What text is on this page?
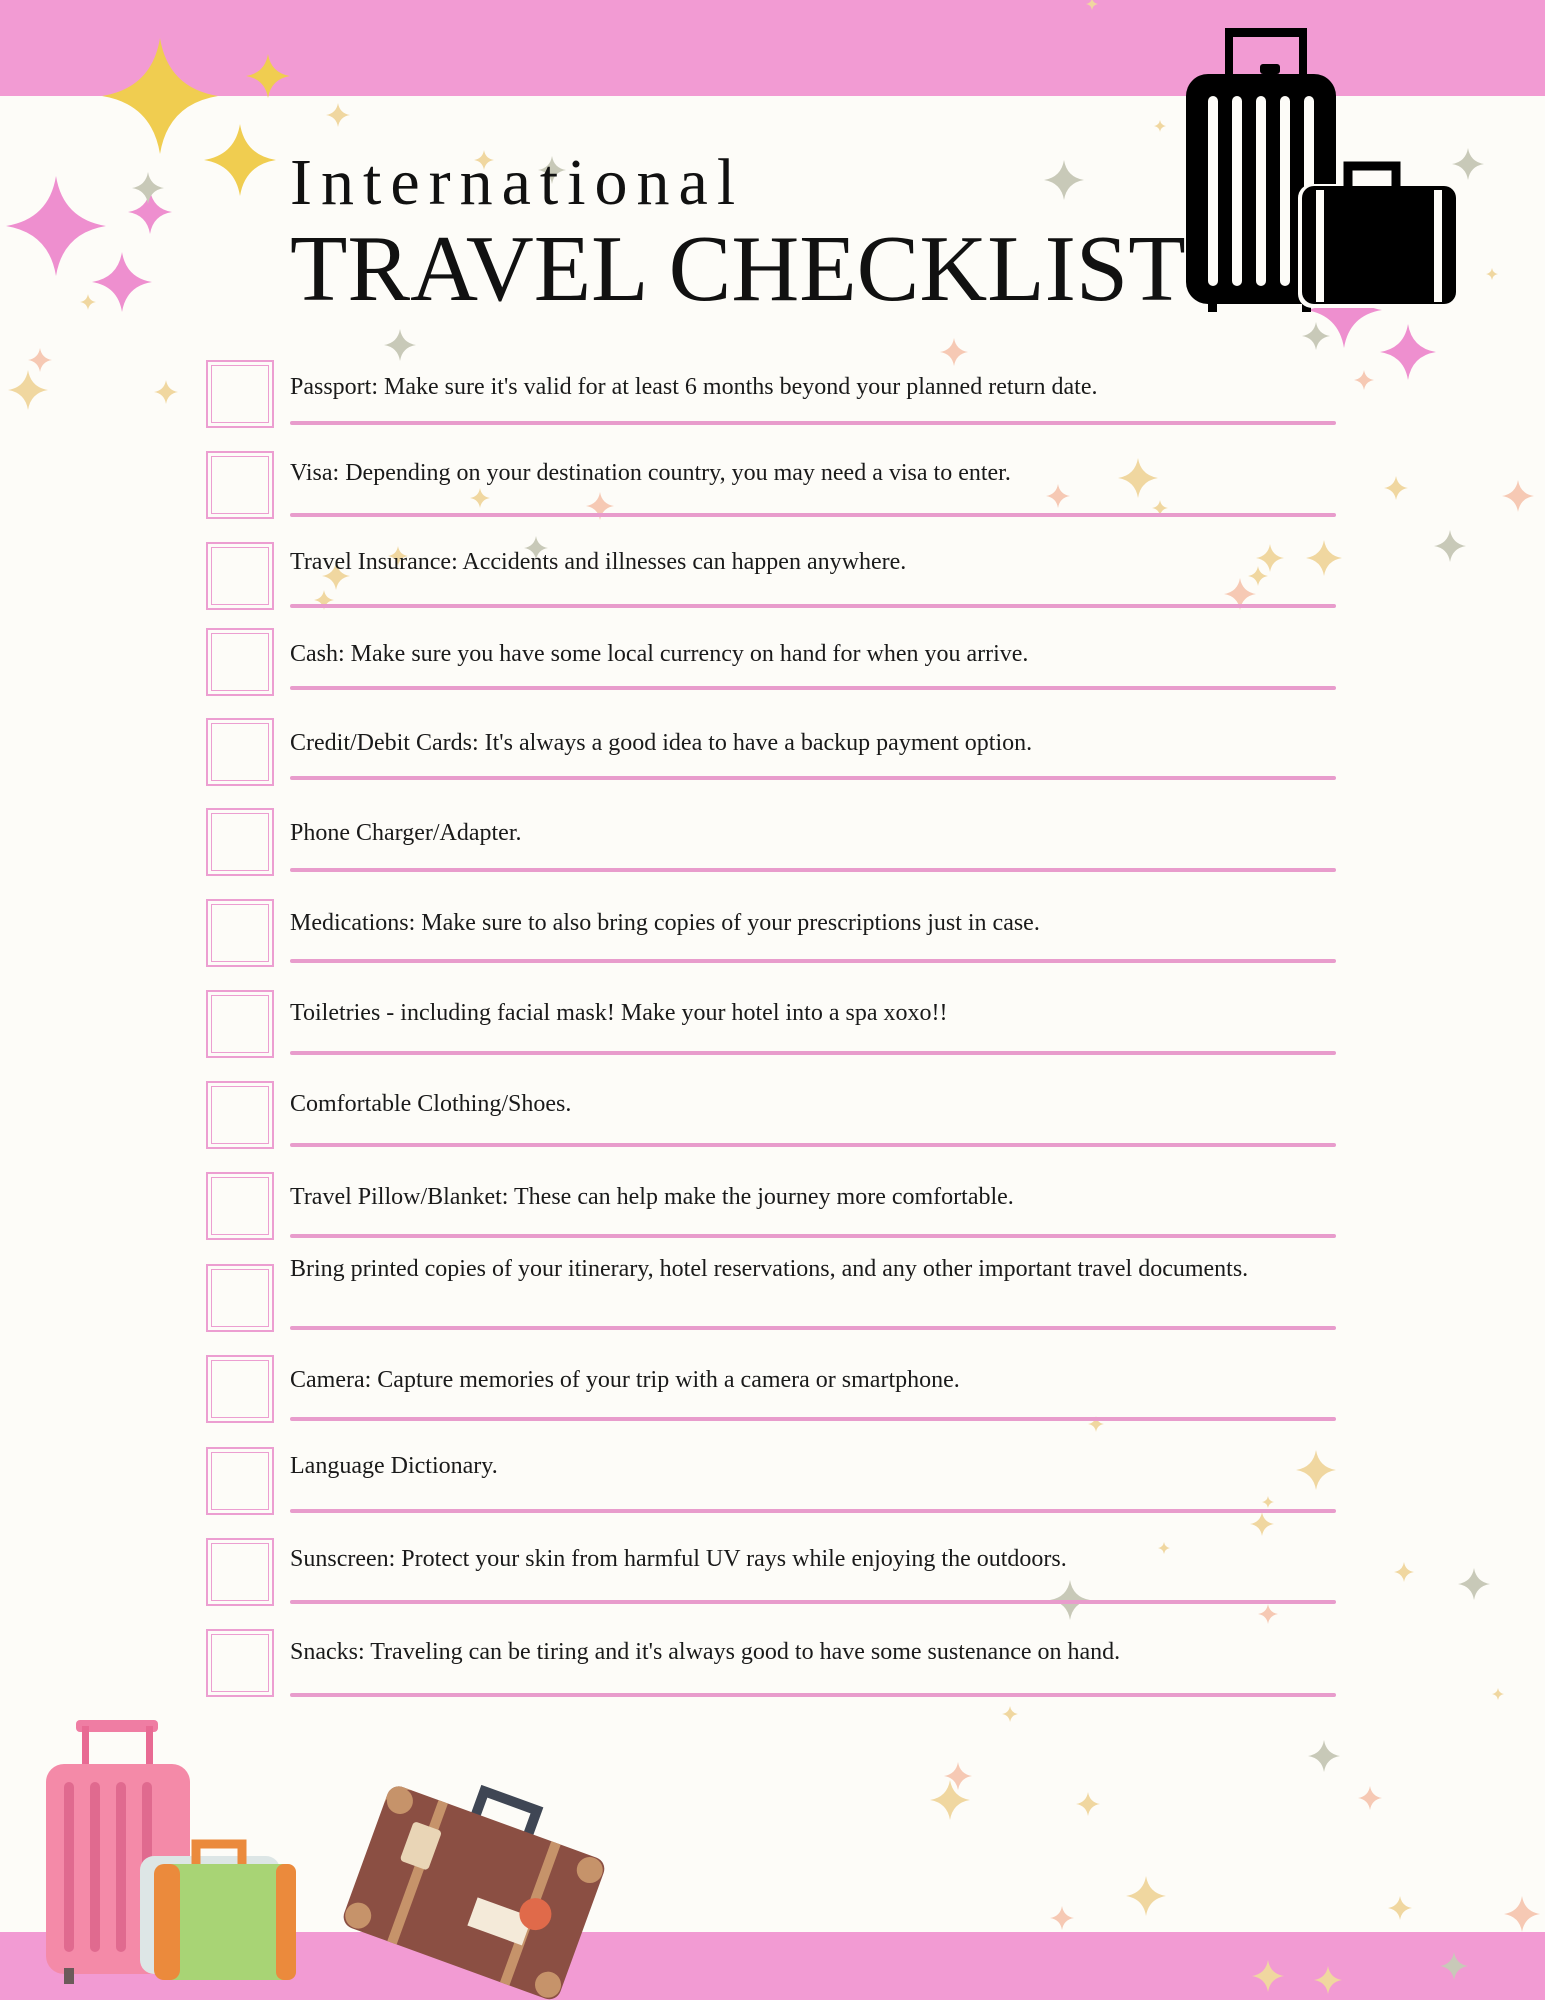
International
TRAVEL CHECKLIST
Passport: Make sure it's valid for at least 6 months beyond your planned return date.
Visa: Depending on your destination country, you may need a visa to enter.
Travel Insurance: Accidents and illnesses can happen anywhere.
Cash: Make sure you have some local currency on hand for when you arrive.
Credit/Debit Cards: It's always a good idea to have a backup payment option.
Phone Charger/Adapter.
Medications: Make sure to also bring copies of your prescriptions just in case.
Toiletries - including facial mask! Make your hotel into a spa xoxo!!
Comfortable Clothing/Shoes.
Travel Pillow/Blanket: These can help make the journey more comfortable.
Bring printed copies of your itinerary, hotel reservations, and any other important travel documents.
Camera: Capture memories of your trip with a camera or smartphone.
Language Dictionary.
Sunscreen: Protect your skin from harmful UV rays while enjoying the outdoors.
Snacks: Traveling can be tiring and it's always good to have some sustenance on hand.
